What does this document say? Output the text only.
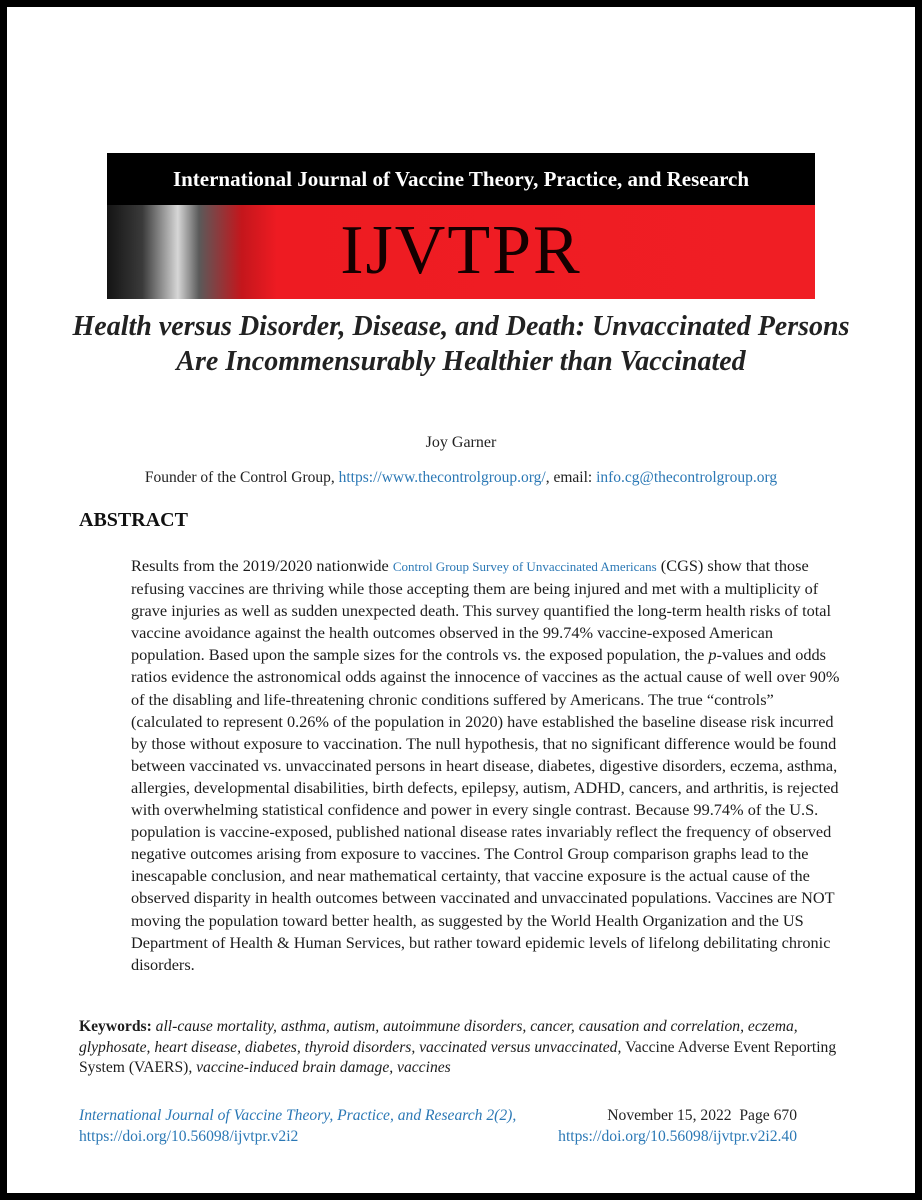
International Journal of Vaccine Theory, Practice, and Research
IJVTPR
Health versus Disorder, Disease, and Death: Unvaccinated Persons Are Incommensurably Healthier than Vaccinated
Joy Garner
Founder of the Control Group, https://www.thecontrolgroup.org/, email: info.cg@thecontrolgroup.org
ABSTRACT
Results from the 2019/2020 nationwide Control Group Survey of Unvaccinated Americans (CGS) show that those refusing vaccines are thriving while those accepting them are being injured and met with a multiplicity of grave injuries as well as sudden unexpected death. This survey quantified the long-term health risks of total vaccine avoidance against the health outcomes observed in the 99.74% vaccine-exposed American population. Based upon the sample sizes for the controls vs. the exposed population, the p-values and odds ratios evidence the astronomical odds against the innocence of vaccines as the actual cause of well over 90% of the disabling and life-threatening chronic conditions suffered by Americans. The true “controls” (calculated to represent 0.26% of the population in 2020) have established the baseline disease risk incurred by those without exposure to vaccination. The null hypothesis, that no significant difference would be found between vaccinated vs. unvaccinated persons in heart disease, diabetes, digestive disorders, eczema, asthma, allergies, developmental disabilities, birth defects, epilepsy, autism, ADHD, cancers, and arthritis, is rejected with overwhelming statistical confidence and power in every single contrast. Because 99.74% of the U.S. population is vaccine-exposed, published national disease rates invariably reflect the frequency of observed negative outcomes arising from exposure to vaccines. The Control Group comparison graphs lead to the inescapable conclusion, and near mathematical certainty, that vaccine exposure is the actual cause of the observed disparity in health outcomes between vaccinated and unvaccinated populations. Vaccines are NOT moving the population toward better health, as suggested by the World Health Organization and the US Department of Health & Human Services, but rather toward epidemic levels of lifelong debilitating chronic disorders.
Keywords: all-cause mortality, asthma, autism, autoimmune disorders, cancer, causation and correlation, eczema, glyphosate, heart disease, diabetes, thyroid disorders, vaccinated versus unvaccinated, Vaccine Adverse Event Reporting System (VAERS), vaccine-induced brain damage, vaccines
International Journal of Vaccine Theory, Practice, and Research 2(2),
https://doi.org/10.56098/ijvtpr.v2i2
November 15, 2022  Page 670
https://doi.org/10.56098/ijvtpr.v2i2.40
